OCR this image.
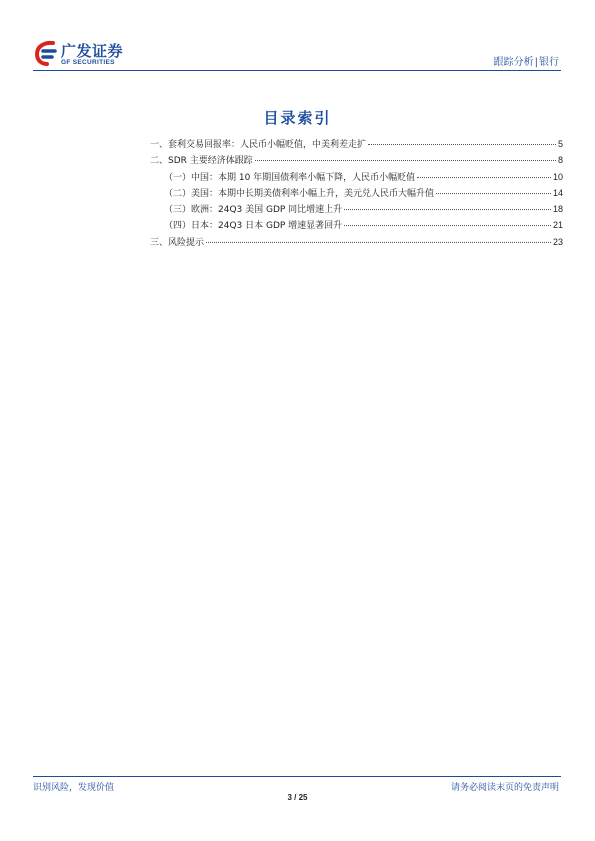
广发证券
GF SECURITIES	跟踪分析|银行
目录索引
一、套利交易回报率：人民币小幅贬值，中美利差走扩	5
二、SDR 主要经济体跟踪	8
（一）中国：本期 10 年期国债利率小幅下降，人民币小幅贬值	10
（二）美国：本期中长期美债利率小幅上升，美元兑人民币大幅升值	14
（三）欧洲：24Q3 美国 GDP 同比增速上升	18
（四）日本：24Q3 日本 GDP 增速显著回升	21
三、风险提示	23
识别风险，发现价值	请务必阅读末页的免责声明
3 / 25
